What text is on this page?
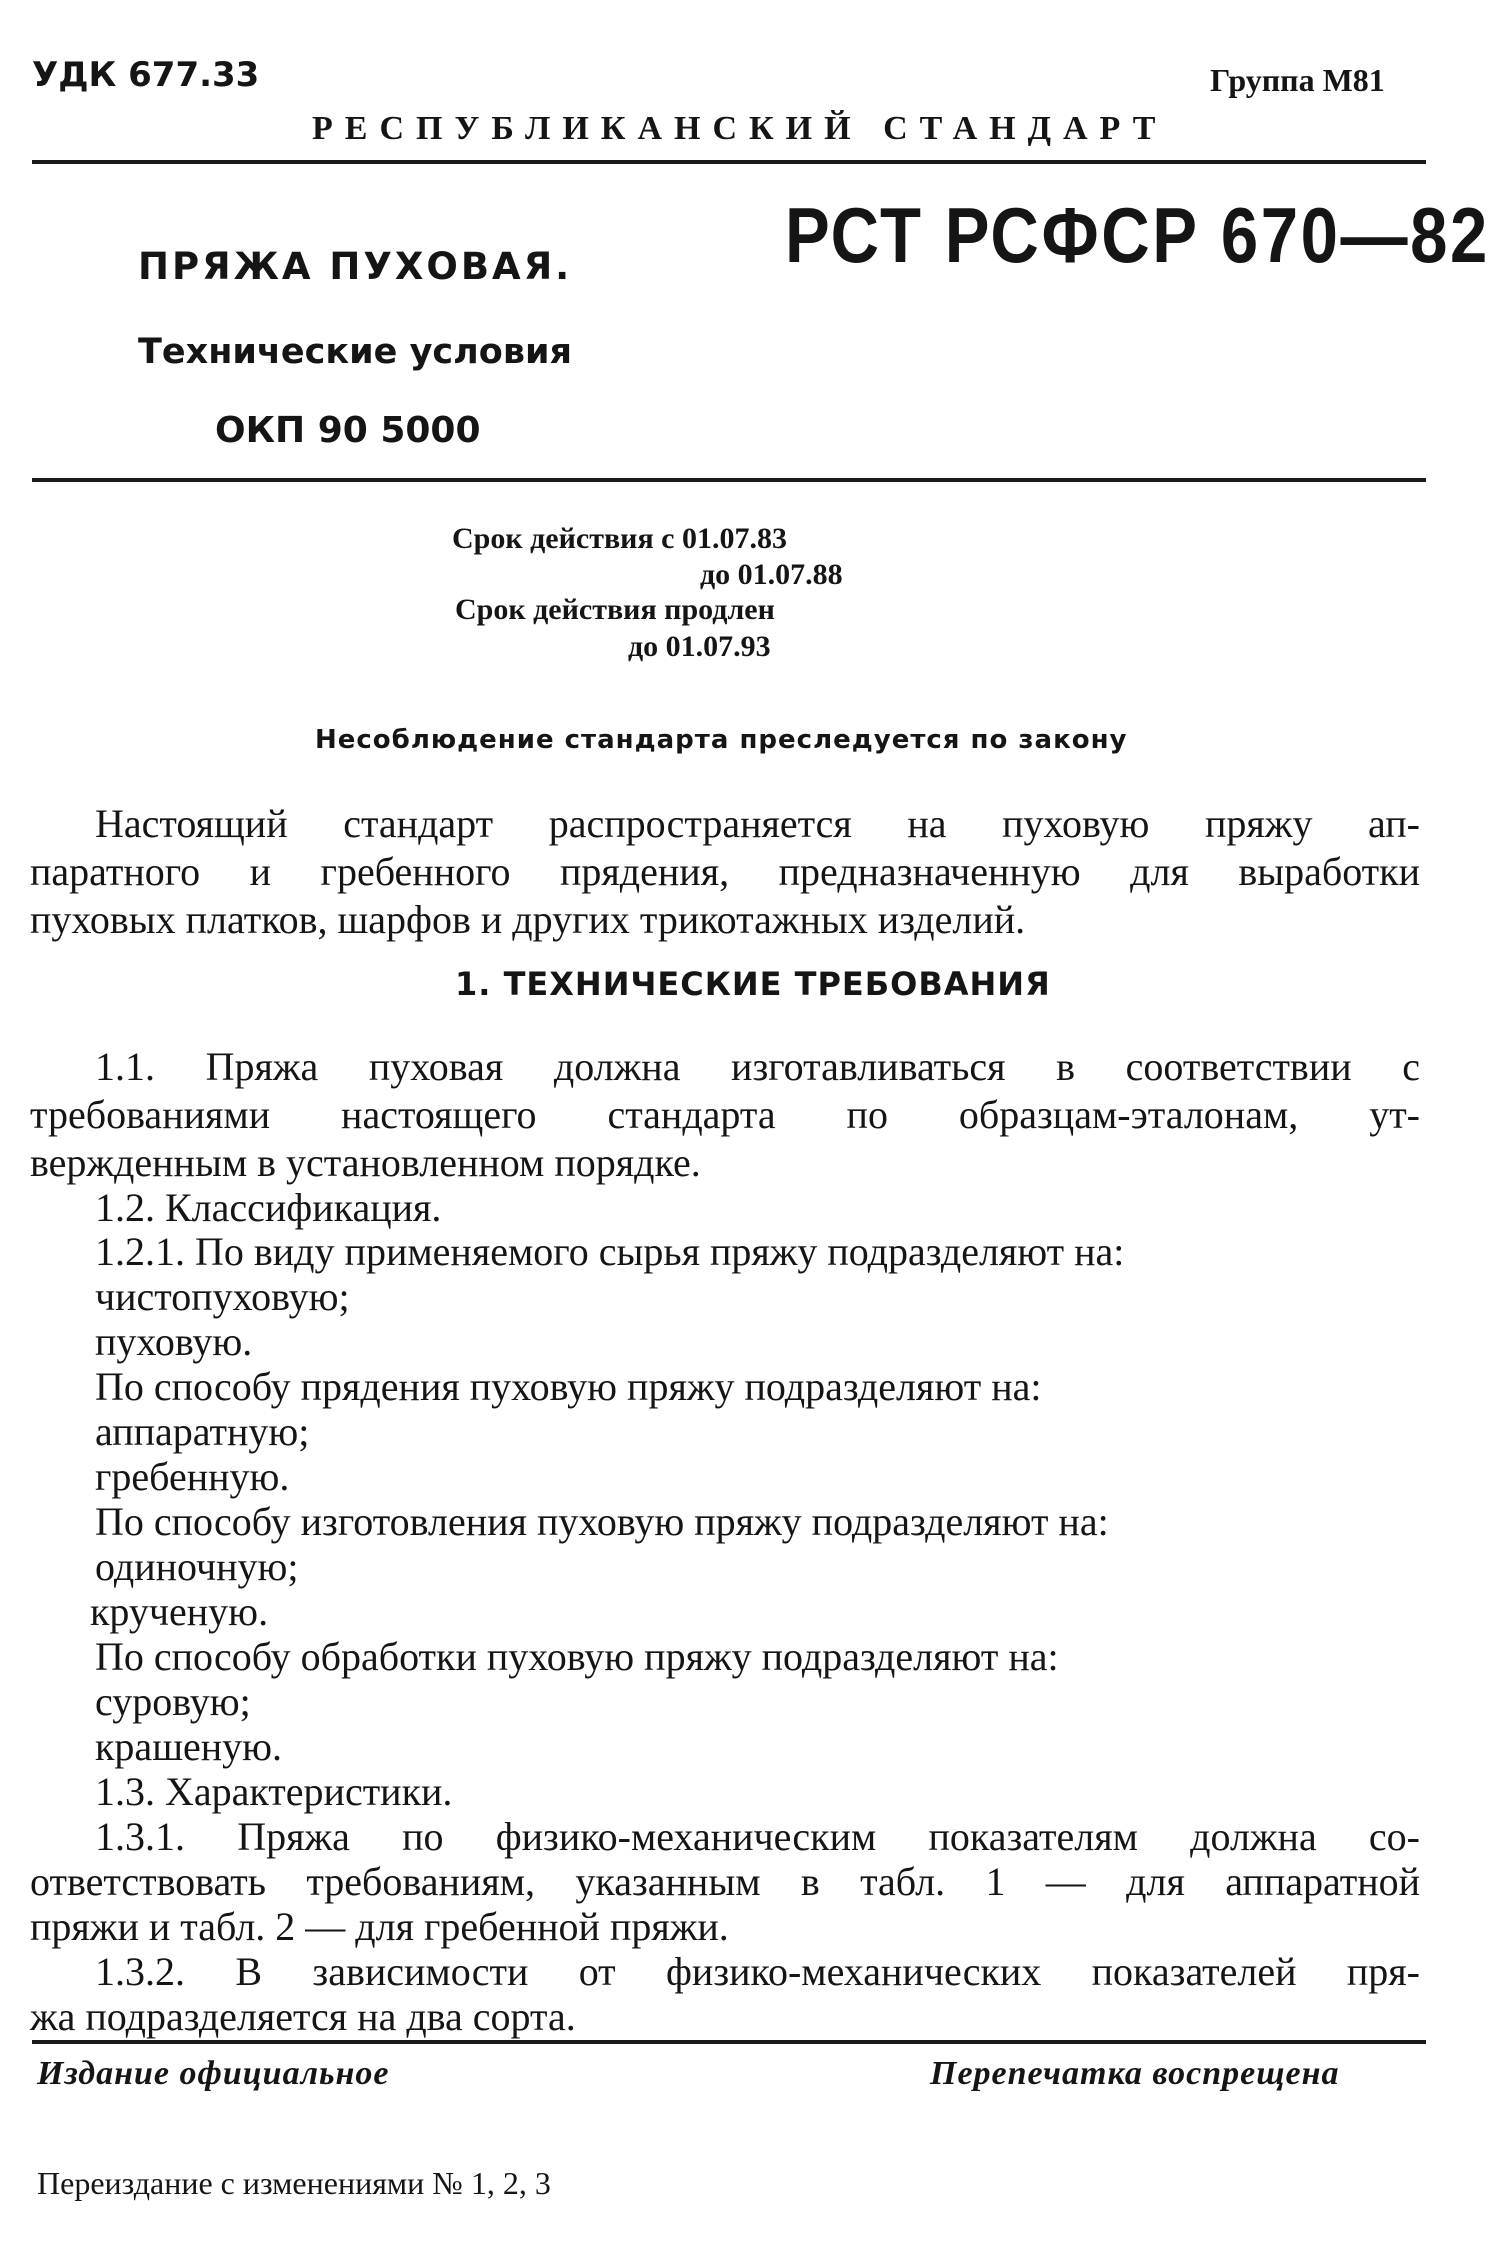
УДК 677.33	Группа М81
РЕСПУБЛИКАНСКИЙ СТАНДАРТ
РСТ РСФСР 670—82
ПРЯЖА ПУХОВАЯ.
Технические условия
ОКП 90 5000
Срок действия с 01.07.83
до 01.07.88
Срок действия продлен
до 01.07.93
Несоблюдение стандарта преследуется по закону
Настоящий стандарт распространяется на пуховую пряжу ап-
паратного и гребенного прядения, предназначенную для выработки
пуховых платков, шарфов и других трикотажных изделий.
1. ТЕХНИЧЕСКИЕ ТРЕБОВАНИЯ
1.1. Пряжа пуховая должна изготавливаться в соответствии с
требованиями настоящего стандарта по образцам-эталонам, ут-
вержденным в установленном порядке.
1.2. Классификация.
1.2.1. По виду применяемого сырья пряжу подразделяют на:
чистопуховую;
пуховую.
По способу прядения пуховую пряжу подразделяют на:
аппаратную;
гребенную.
По способу изготовления пуховую пряжу подразделяют на:
одиночную;
крученую.
По способу обработки пуховую пряжу подразделяют на:
суровую;
крашеную.
1.3. Характеристики.
1.3.1. Пряжа по физико-механическим показателям должна со-
ответствовать требованиям, указанным в табл. 1 — для аппаратной
пряжи и табл. 2 — для гребенной пряжи.
1.3.2. В зависимости от физико-механических показателей пря-
жа подразделяется на два сорта.
Издание официальное	Перепечатка воспрещена
Переиздание с изменениями № 1, 2, 3
